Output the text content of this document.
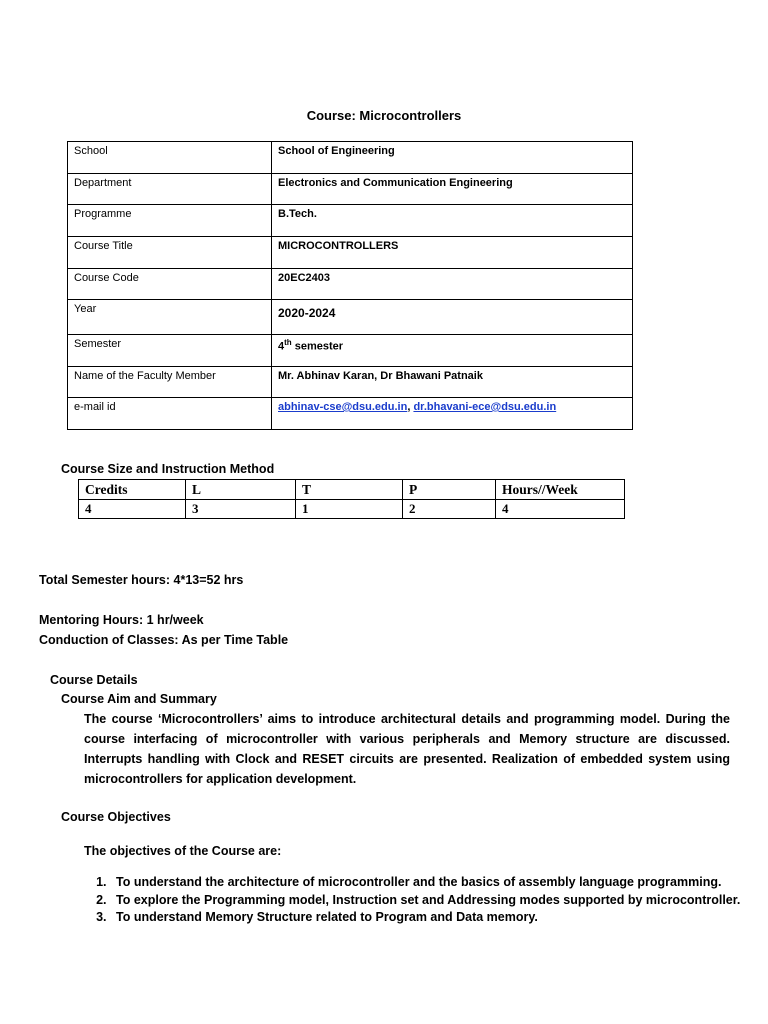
Course: Microcontrollers
School	School of Engineering
Department	Electronics and Communication Engineering
Programme	B.Tech.
Course Title	MICROCONTROLLERS
Course Code	20EC2403
Year	2020-2024
Semester	4th semester
Name of the Faculty Member	Mr. Abhinav Karan, Dr Bhawani Patnaik
e-mail id	abhinav-cse@dsu.edu.in, dr.bhavani-ece@dsu.edu.in
Course Size and Instruction Method
Credits	L	T	P	Hours//Week
4	3	1	2	4
Total Semester hours: 4*13=52 hrs
Mentoring Hours: 1 hr/week
Conduction of Classes: As per Time Table
Course Details
Course Aim and Summary
The course ‘Microcontrollers’ aims to introduce architectural details and programming model. During the course interfacing of microcontroller with various peripherals and Memory structure are discussed. Interrupts handling with Clock and RESET circuits are presented. Realization of embedded system using microcontrollers for application development.
Course Objectives
The objectives of the Course are:
1. To understand the architecture of microcontroller and the basics of assembly language programming.
2. To explore the Programming model, Instruction set and Addressing modes supported by microcontroller.
3. To understand Memory Structure related to Program and Data memory.
